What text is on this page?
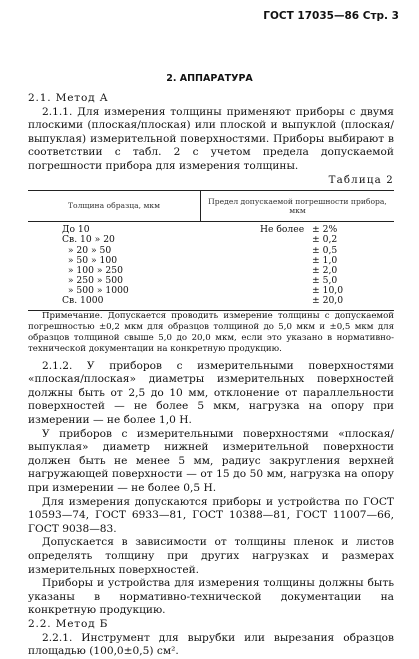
ГОСТ 17035—86 Стр. 3
2. АППАРАТУРА

2.1. Метод А

2.1.1. Для измерения толщины применяют приборы с двумя плоскими (плоская/плоская) или плоской и выпуклой (плоская/выпуклая) измерительной поверхностями. Приборы выбирают в соответствии с табл. 2 с учетом предела допускаемой погрешности прибора для измерения толщины.

Таблица 2

Толщина образца, мкм
Предел допускаемой погрешности прибора, мкм
До 10	Не более ± 2%
Св. 10 » 20	± 0,2
» 20 » 50	± 0,5
» 50 » 100	± 1,0
» 100 » 250	± 2,0
» 250 » 500	± 5,0
» 500 » 1000	± 10,0
Св. 1000	± 20,0

Примечание. Допускается проводить измерение толщины с допускаемой погрешностью ±0,2 мкм для образцов толщиной до 5,0 мкм и ±0,5 мкм для образцов толщиной свыше 5,0 до 20,0 мкм, если это указано в нормативно-технической документации на конкретную продукцию.

2.1.2. У приборов с измерительными поверхностями «плоская/плоская» диаметры измерительных поверхностей должны быть от 2,5 до 10 мм, отклонение от параллельности поверхностей — не более 5 мкм, нагрузка на опору при измерении — не более 1,0 Н.

У приборов с измерительными поверхностями «плоская/выпуклая» диаметр нижней измерительной поверхности должен быть не менее 5 мм, радиус закругления верхней нагружающей поверхности — от 15 до 50 мм, нагрузка на опору при измерении — не более 0,5 Н.

Для измерения допускаются приборы и устройства по ГОСТ 10593—74, ГОСТ 6933—81, ГОСТ 10388—81, ГОСТ 11007—66, ГОСТ 9038—83.

Допускается в зависимости от толщины пленок и листов определять толщину при других нагрузках и размерах измерительных поверхностей.

Приборы и устройства для измерения толщины должны быть указаны в нормативно-технической документации на конкретную продукцию.

2.2. Метод Б

2.2.1. Инструмент для вырубки или вырезания образцов площадью (100,0±0,5) см².
